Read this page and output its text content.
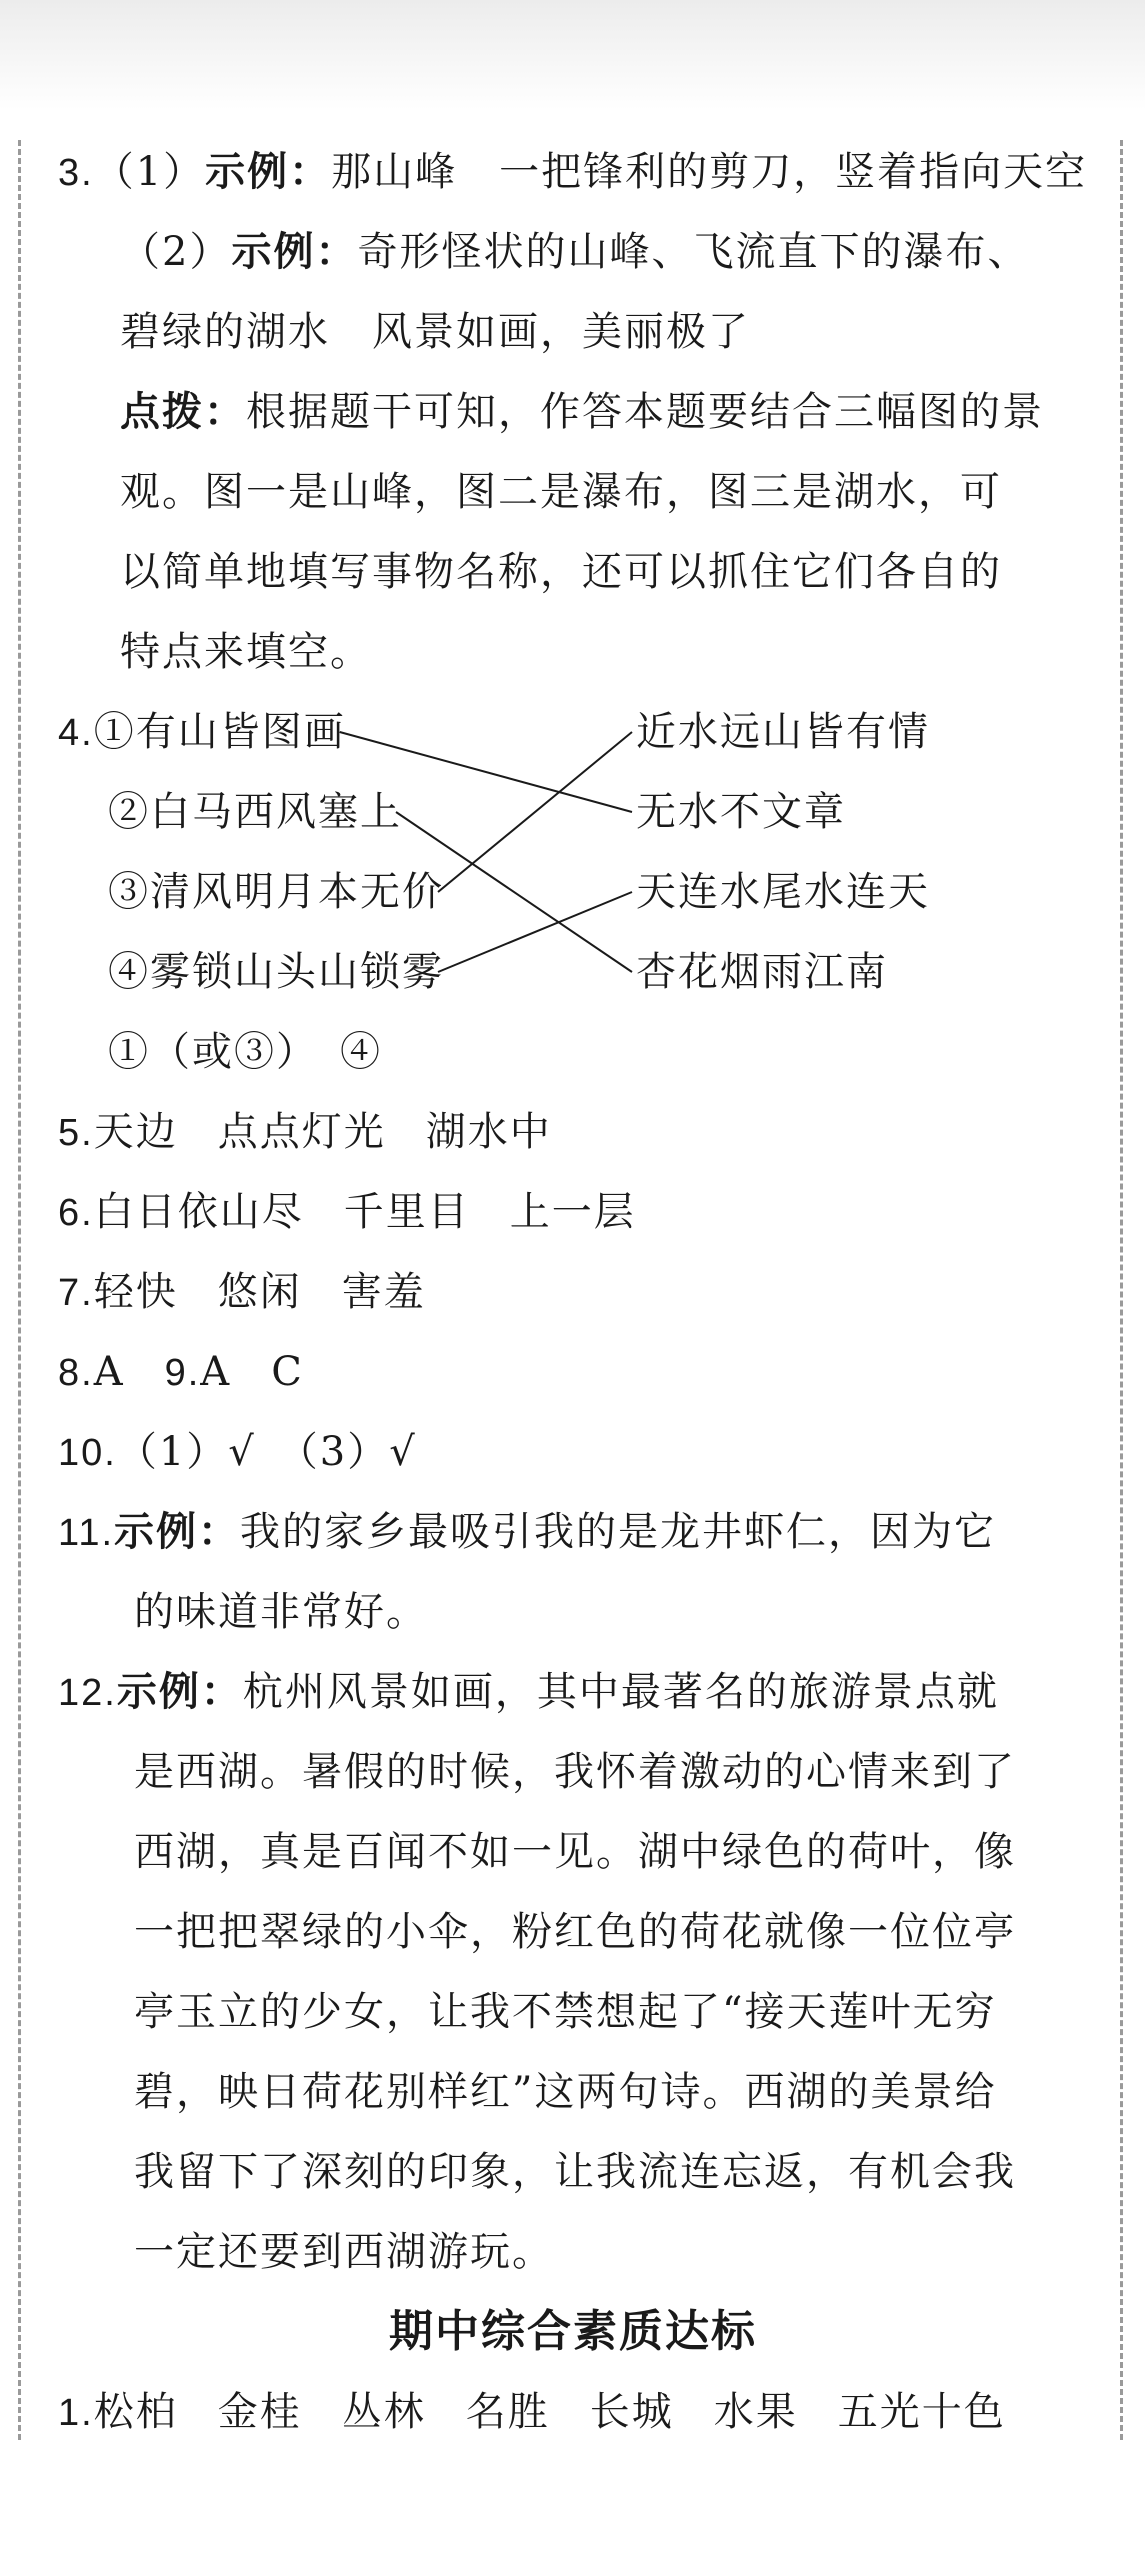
3.（1）示例：那山峰　一把锋利的剪刀，竖着指向天空
（2）示例：奇形怪状的山峰、飞流直下的瀑布、
碧绿的湖水　风景如画，美丽极了
点拨：根据题干可知，作答本题要结合三幅图的景
观。图一是山峰，图二是瀑布，图三是湖水，可
以简单地填写事物名称，还可以抓住它们各自的
特点来填空。
4.①有山皆图画
②白马西风塞上
③清风明月本无价
④雾锁山头山锁雾
近水远山皆有情
无水不文章
天连水尾水连天
杏花烟雨江南
①（或③）　④
5.天边 点点灯光 湖水中
6.白日依山尽 千里目 上一层
7.轻快 悠闲 害羞
8.A 9.A C
10.（1）√　（3）√
11.示例：我的家乡最吸引我的是龙井虾仁，因为它
的味道非常好。
12.示例：杭州风景如画，其中最著名的旅游景点就
是西湖。暑假的时候，我怀着激动的心情来到了
西湖，真是百闻不如一见。湖中绿色的荷叶，像
一把把翠绿的小伞，粉红色的荷花就像一位位亭
亭玉立的少女，让我不禁想起了“接天莲叶无穷
碧，映日荷花别样红”这两句诗。西湖的美景给
我留下了深刻的印象，让我流连忘返，有机会我
一定还要到西湖游玩。
期中综合素质达标
1.松柏 金桂 丛林 名胜 长城 水果 五光十色
